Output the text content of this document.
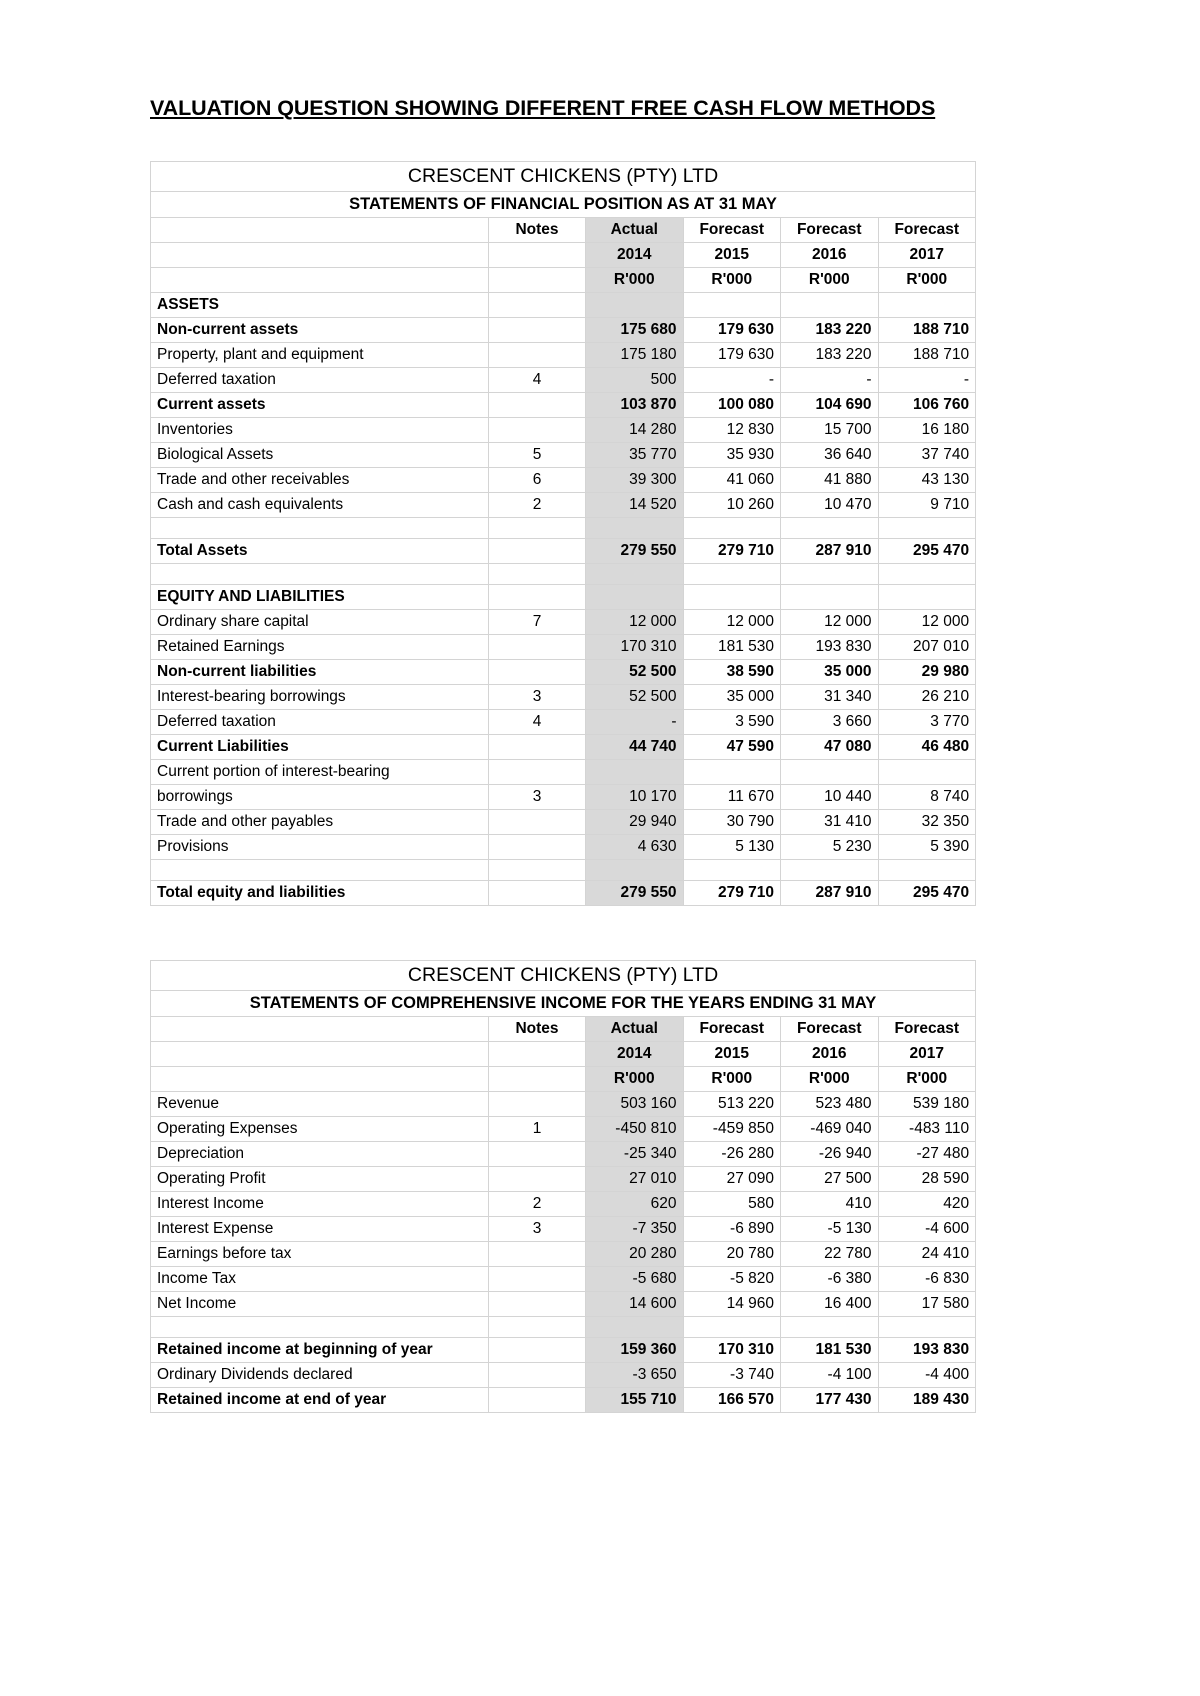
VALUATION QUESTION SHOWING DIFFERENT FREE CASH FLOW METHODS
CRESCENT CHICKENS (PTY) LTD					
STATEMENTS OF FINANCIAL POSITION AS AT 31 MAY					
	Notes	Actual	Forecast	Forecast	Forecast
		2014	2015	2016	2017
		R'000	R'000	R'000	R'000
ASSETS					
Non-current assets		175 680	179 630	183 220	188 710
Property, plant and equipment		175 180	179 630	183 220	188 710
Deferred taxation	4	500	-	-	-
Current assets		103 870	100 080	104 690	106 760
Inventories		14 280	12 830	15 700	16 180
Biological Assets	5	35 770	35 930	36 640	37 740
Trade and other receivables	6	39 300	41 060	41 880	43 130
Cash and cash equivalents	2	14 520	10 260	10 470	9 710

Total Assets		279 550	279 710	287 910	295 470

EQUITY AND LIABILITIES					
Ordinary share capital	7	12 000	12 000	12 000	12 000
Retained Earnings		170 310	181 530	193 830	207 010
Non-current liabilities		52 500	38 590	35 000	29 980
Interest-bearing borrowings	3	52 500	35 000	31 340	26 210
Deferred taxation	4	-	3 590	3 660	3 770
Current Liabilities		44 740	47 590	47 080	46 480
Current portion of interest-bearing					
borrowings	3	10 170	11 670	10 440	8 740
Trade and other payables		29 940	30 790	31 410	32 350
Provisions		4 630	5 130	5 230	5 390

Total equity and liabilities		279 550	279 710	287 910	295 470
CRESCENT CHICKENS (PTY) LTD					
STATEMENTS OF COMPREHENSIVE INCOME FOR THE YEARS ENDING 31 MAY					
	Notes	Actual	Forecast	Forecast	Forecast
		2014	2015	2016	2017
		R'000	R'000	R'000	R'000
Revenue		503 160	513 220	523 480	539 180
Operating Expenses	1	-450 810	-459 850	-469 040	-483 110
Depreciation		-25 340	-26 280	-26 940	-27 480
Operating Profit		27 010	27 090	27 500	28 590
Interest Income	2	620	580	410	420
Interest Expense	3	-7 350	-6 890	-5 130	-4 600
Earnings before tax		20 280	20 780	22 780	24 410
Income Tax		-5 680	-5 820	-6 380	-6 830
Net Income		14 600	14 960	16 400	17 580

Retained income at beginning of year		159 360	170 310	181 530	193 830
Ordinary Dividends declared		-3 650	-3 740	-4 100	-4 400
Retained income at end of year		155 710	166 570	177 430	189 430
